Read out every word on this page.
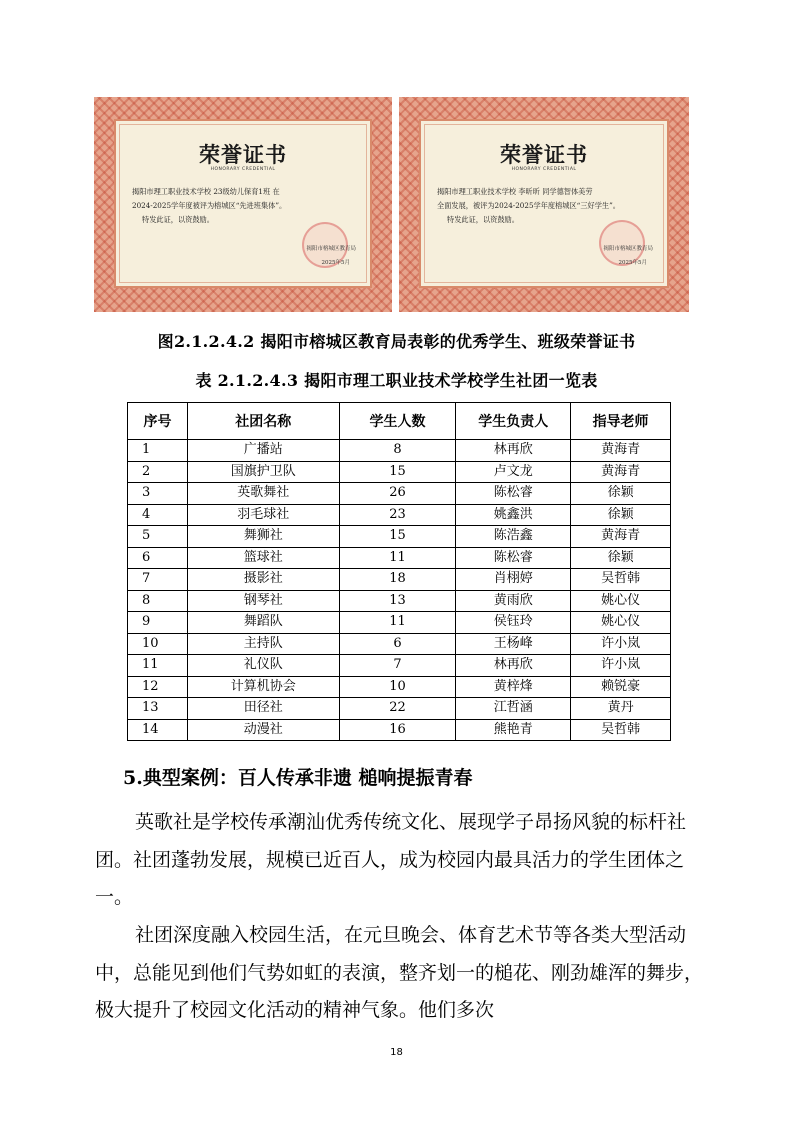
荣誉证书
HONORARY CREDENTIAL

揭阳市理工职业技术学校 23级幼儿保育1班 在

2024-2025学年度被评为榕城区“先进班集体”。

特发此证，以资鼓励。

揭阳市榕城区教育局
2025年5月
荣誉证书
HONORARY CREDENTIAL

揭阳市理工职业技术学校 李昕昕 同学德智体美劳

全面发展，被评为2024-2025学年度榕城区“三好学生”。

特发此证，以资鼓励。

揭阳市榕城区教育局
2025年5月
图2.1.2.4.2 揭阳市榕城区教育局表彰的优秀学生、班级荣誉证书
表 2.1.2.4.3 揭阳市理工职业技术学校学生社团一览表
序号	社团名称	学生人数	学生负责人	指导老师
1	广播站	8	林再欣	黄海青
2	国旗护卫队	15	卢文龙	黄海青
3	英歌舞社	26	陈松睿	徐颖
4	羽毛球社	23	姚鑫洪	徐颖
5	舞狮社	15	陈浩鑫	黄海青
6	篮球社	11	陈松睿	徐颖
7	摄影社	18	肖栩婷	吴哲韩
8	钢琴社	13	黄雨欣	姚心仪
9	舞蹈队	11	侯钰玲	姚心仪
10	主持队	6	王杨峰	许小岚
11	礼仪队	7	林再欣	许小岚
12	计算机协会	10	黄梓烽	赖锐豪
13	田径社	22	江哲涵	黄丹
14	动漫社	16	熊艳青	吴哲韩
5.典型案例：百人传承非遗 槌响提振青春

英歌社是学校传承潮汕优秀传统文化、展现学子昂扬风貌的标杆社团。社团蓬勃发展，规模已近百人，成为校园内最具活力的学生团体之一。

社团深度融入校园生活，在元旦晚会、体育艺术节等各类大型活动中，总能见到他们气势如虹的表演，整齐划一的槌花、刚劲雄浑的舞步，极大提升了校园文化活动的精神气象。他们多次

18
